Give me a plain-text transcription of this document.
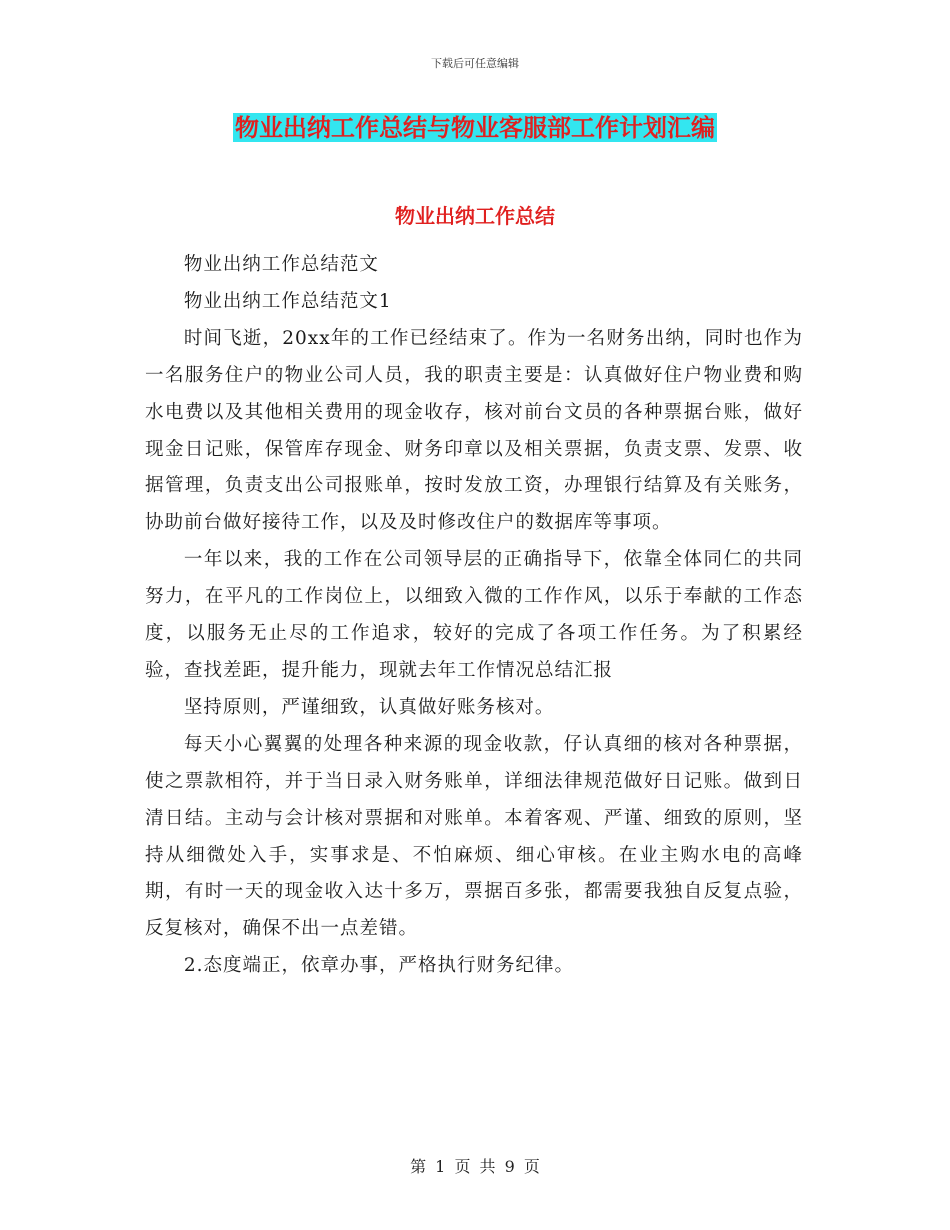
下载后可任意编辑
物业出纳工作总结与物业客服部工作计划汇编
物业出纳工作总结

物业出纳工作总结范文

物业出纳工作总结范文1

时间飞逝，20xx年的工作已经结束了。作为一名财务出纳，同时也作为一名服务住户的物业公司人员，我的职责主要是：认真做好住户物业费和购水电费以及其他相关费用的现金收存，核对前台文员的各种票据台账，做好现金日记账，保管库存现金、财务印章以及相关票据，负责支票、发票、收据管理，负责支出公司报账单，按时发放工资，办理银行结算及有关账务，协助前台做好接待工作，以及及时修改住户的数据库等事项。

一年以来，我的工作在公司领导层的正确指导下，依靠全体同仁的共同努力，在平凡的工作岗位上，以细致入微的工作作风，以乐于奉献的工作态度，以服务无止尽的工作追求，较好的完成了各项工作任务。为了积累经验，查找差距，提升能力，现就去年工作情况总结汇报

坚持原则，严谨细致，认真做好账务核对。

每天小心翼翼的处理各种来源的现金收款，仔认真细的核对各种票据，使之票款相符，并于当日录入财务账单，详细法律规范做好日记账。做到日清日结。主动与会计核对票据和对账单。本着客观、严谨、细致的原则，坚持从细微处入手，实事求是、不怕麻烦、细心审核。在业主购水电的高峰期，有时一天的现金收入达十多万，票据百多张，都需要我独自反复点验，反复核对，确保不出一点差错。

2.态度端正，依章办事，严格执行财务纪律。

第 1 页 共 9 页
